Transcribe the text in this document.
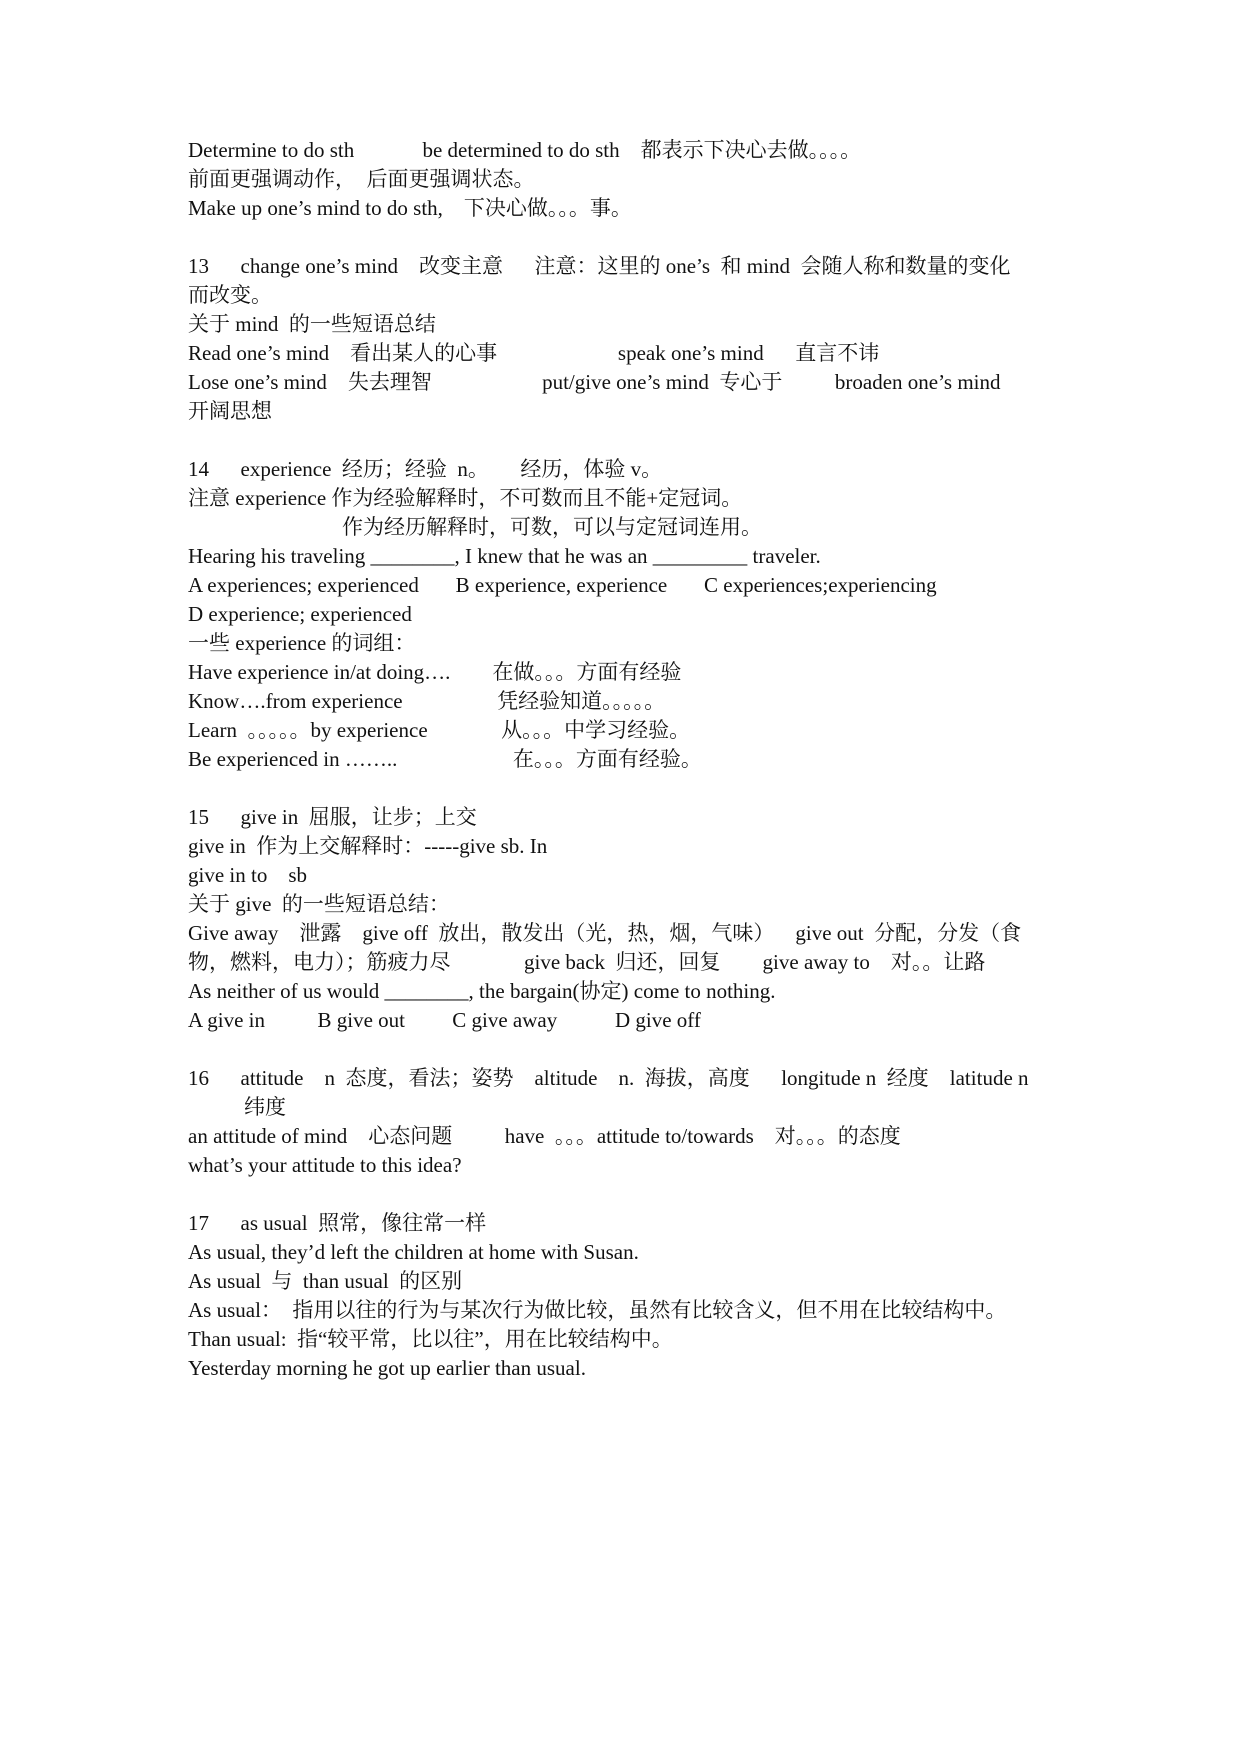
Determine to do sth             be determined to do sth    都表示下决心去做。。。。
前面更强调动作，  后面更强调状态。
Make up one’s mind to do sth,    下决心做。。。事。
13      change one’s mind    改变主意      注意：这里的 one’s  和 mind  会随人称和数量的变化
而改变。
关于 mind  的一些短语总结
Read one’s mind    看出某人的心事                       speak one’s mind      直言不讳
Lose one’s mind    失去理智                     put/give one’s mind  专心于          broaden one’s mind
开阔思想
14      experience  经历；经验  n。      经历，体验 v。
注意 experience 作为经验解释时，不可数而且不能+定冠词。
作为经历解释时，可数，可以与定冠词连用。
Hearing his traveling ________, I knew that he was an _________ traveler.
A experiences; experienced       B experience, experience       C experiences;experiencing
D experience; experienced
一些 experience 的词组：
Have experience in/at doing….        在做。。。方面有经验
Know….from experience                  凭经验知道。。。。。
Learn  。。。。。by experience              从。。。中学习经验。
Be experienced in ……..                      在。。。方面有经验。
15      give in  屈服，让步；上交
give in  作为上交解释时：-----give sb. In
give in to    sb
关于 give  的一些短语总结：
Give away    泄露    give off  放出，散发出（光，热，烟，气味）    give out  分配，分发（食
物，燃料，电力）；筋疲力尽              give back  归还，回复        give away to    对。。让路
As neither of us would ________, the bargain(协定) come to nothing.
A give in          B give out         C give away           D give off
16      attitude    n  态度，看法；姿势    altitude    n.  海拔，高度      longitude n  经度    latitude n
纬度
an attitude of mind    心态问题          have  。。。attitude to/towards    对。。。的态度
what’s your attitude to this idea?
17      as usual  照常，像往常一样
As usual, they’d left the children at home with Susan.
As usual  与  than usual  的区别
As usual：  指用以往的行为与某次行为做比较，虽然有比较含义，但不用在比较结构中。
Than usual:  指“较平常，比以往”，用在比较结构中。
Yesterday morning he got up earlier than usual.
